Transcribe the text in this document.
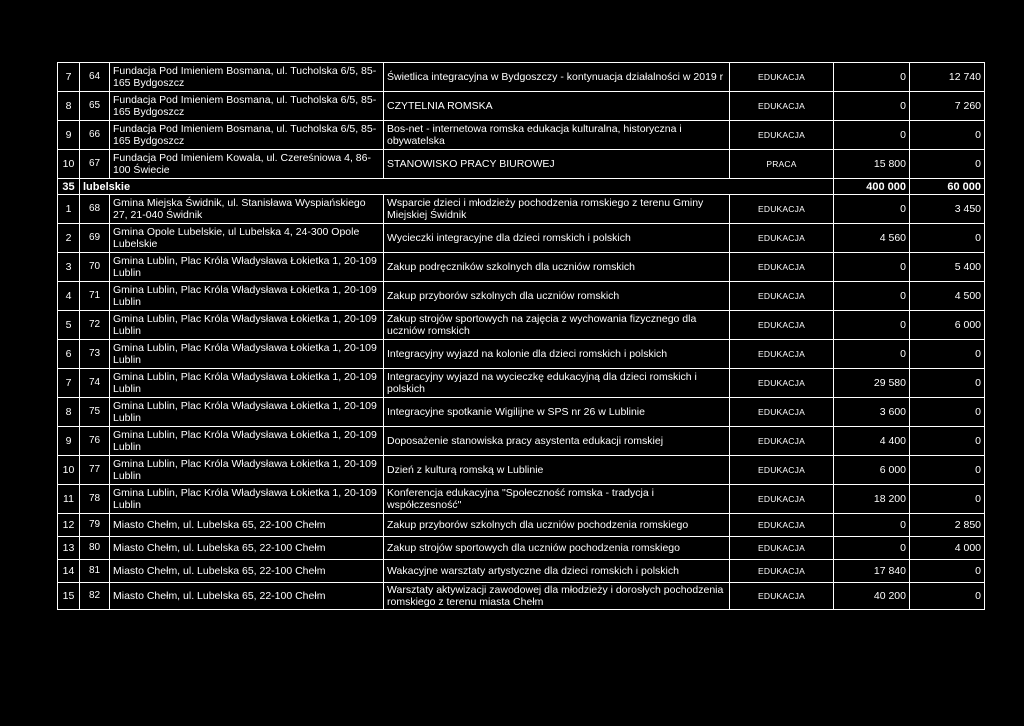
7	64	Fundacja Pod Imieniem Bosmana, ul. Tucholska 6/5, 85-165 Bydgoszcz	Świetlica integracyjna w Bydgoszczy - kontynuacja działalności w 2019 r	EDUKACJA	0	12 740
8	65	Fundacja Pod Imieniem Bosmana, ul. Tucholska 6/5, 85-165 Bydgoszcz	CZYTELNIA ROMSKA	EDUKACJA	0	7 260
9	66	Fundacja Pod Imieniem Bosmana, ul. Tucholska 6/5, 85-165 Bydgoszcz	Bos-net - internetowa romska edukacja kulturalna, historyczna i obywatelska	EDUKACJA	0	0
10	67	Fundacja Pod Imieniem Kowala, ul. Czereśniowa 4, 86-100 Świecie	STANOWISKO PRACY BIUROWEJ	PRACA	15 800	0
35	lubelskie				400 000	60 000
1	68	Gmina Miejska Świdnik, ul. Stanisława Wyspiańskiego 27, 21-040 Świdnik	Wsparcie dzieci i młodzieży pochodzenia romskiego z terenu Gminy Miejskiej Świdnik	EDUKACJA	0	3 450
2	69	Gmina Opole Lubelskie, ul Lubelska 4, 24-300 Opole Lubelskie	Wycieczki integracyjne dla dzieci romskich i polskich	EDUKACJA	4 560	0
3	70	Gmina Lublin, Plac Króla Władysława Łokietka 1, 20-109 Lublin	Zakup podręczników szkolnych dla uczniów romskich	EDUKACJA	0	5 400
4	71	Gmina Lublin, Plac Króla Władysława Łokietka 1, 20-109 Lublin	Zakup przyborów szkolnych dla uczniów romskich	EDUKACJA	0	4 500
5	72	Gmina Lublin, Plac Króla Władysława Łokietka 1, 20-109 Lublin	Zakup strojów sportowych na zajęcia z wychowania fizycznego dla uczniów romskich	EDUKACJA	0	6 000
6	73	Gmina Lublin, Plac Króla Władysława Łokietka 1, 20-109 Lublin	Integracyjny wyjazd na kolonie dla dzieci romskich i polskich	EDUKACJA	0	0
7	74	Gmina Lublin, Plac Króla Władysława Łokietka 1, 20-109 Lublin	Integracyjny wyjazd na wycieczkę edukacyjną dla dzieci romskich i polskich	EDUKACJA	29 580	0
8	75	Gmina Lublin, Plac Króla Władysława Łokietka 1, 20-109 Lublin	Integracyjne spotkanie Wigilijne w SPS nr 26 w Lublinie	EDUKACJA	3 600	0
9	76	Gmina Lublin, Plac Króla Władysława Łokietka 1, 20-109 Lublin	Doposażenie stanowiska pracy asystenta edukacji romskiej	EDUKACJA	4 400	0
10	77	Gmina Lublin, Plac Króla Władysława Łokietka 1, 20-109 Lublin	Dzień z kulturą romską w Lublinie	EDUKACJA	6 000	0
11	78	Gmina Lublin, Plac Króla Władysława Łokietka 1, 20-109 Lublin	Konferencja edukacyjna "Społeczność romska - tradycja i współczesność"	EDUKACJA	18 200	0
12	79	Miasto Chełm, ul. Lubelska 65, 22-100 Chełm	Zakup przyborów szkolnych dla uczniów pochodzenia romskiego	EDUKACJA	0	2 850
13	80	Miasto Chełm, ul. Lubelska 65, 22-100 Chełm	Zakup strojów sportowych dla uczniów pochodzenia romskiego	EDUKACJA	0	4 000
14	81	Miasto Chełm, ul. Lubelska 65, 22-100 Chełm	Wakacyjne warsztaty artystyczne dla dzieci romskich i polskich	EDUKACJA	17 840	0
15	82	Miasto Chełm, ul. Lubelska 65, 22-100 Chełm	Warsztaty aktywizacji zawodowej dla młodzieży i dorosłych pochodzenia romskiego z terenu miasta Chełm	EDUKACJA	40 200	0
